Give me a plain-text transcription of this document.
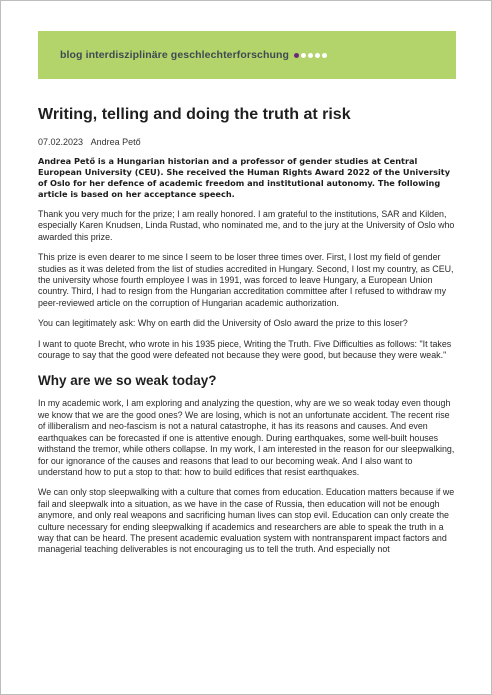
blog interdisziplinäre geschlechterforschung
Writing, telling and doing the truth at risk
07.02.2023 Andrea Pető

Andrea Pető is a Hungarian historian and a professor of gender studies at Central European University (CEU). She received the Human Rights Award 2022 of the University of Oslo for her defence of academic freedom and institutional autonomy. The following article is based on her acceptance speech.

Thank you very much for the prize; I am really honored. I am grateful to the institutions, SAR and Kilden, especially Karen Knudsen, Linda Rustad, who nominated me, and to the jury at the University of Oslo who awarded this prize.

This prize is even dearer to me since I seem to be loser three times over. First, I lost my field of gender studies as it was deleted from the list of studies accredited in Hungary. Second, I lost my country, as CEU, the university whose fourth employee I was in 1991, was forced to leave Hungary, a European Union country. Third, I had to resign from the Hungarian accreditation committee after I refused to withdraw my peer-reviewed article on the corruption of Hungarian academic authorization.

You can legitimately ask: Why on earth did the University of Oslo award the prize to this loser?

I want to quote Brecht, who wrote in his 1935 piece, Writing the Truth. Five Difficulties as follows: "It takes courage to say that the good were defeated not because they were good, but because they were weak."

Why are we so weak today?

In my academic work, I am exploring and analyzing the question, why are we so weak today even though we know that we are the good ones? We are losing, which is not an unfortunate accident. The recent rise of illiberalism and neo-fascism is not a natural catastrophe, it has its reasons and causes. And even earthquakes can be forecasted if one is attentive enough. During earthquakes, some well-built houses withstand the tremor, while others collapse. In my work, I am interested in the reason for our sleepwalking, for our ignorance of the causes and reasons that lead to our becoming weak. And I also want to understand how to put a stop to that: how to build edifices that resist earthquakes.

We can only stop sleepwalking with a culture that comes from education. Education matters because if we fail and sleepwalk into a situation, as we have in the case of Russia, then education will not be enough anymore, and only real weapons and sacrificing human lives can stop evil. Education can only create the culture necessary for ending sleepwalking if academics and researchers are able to speak the truth in a way that can be heard. The present academic evaluation system with nontransparent impact factors and managerial teaching deliverables is not encouraging us to tell the truth. And especially not
